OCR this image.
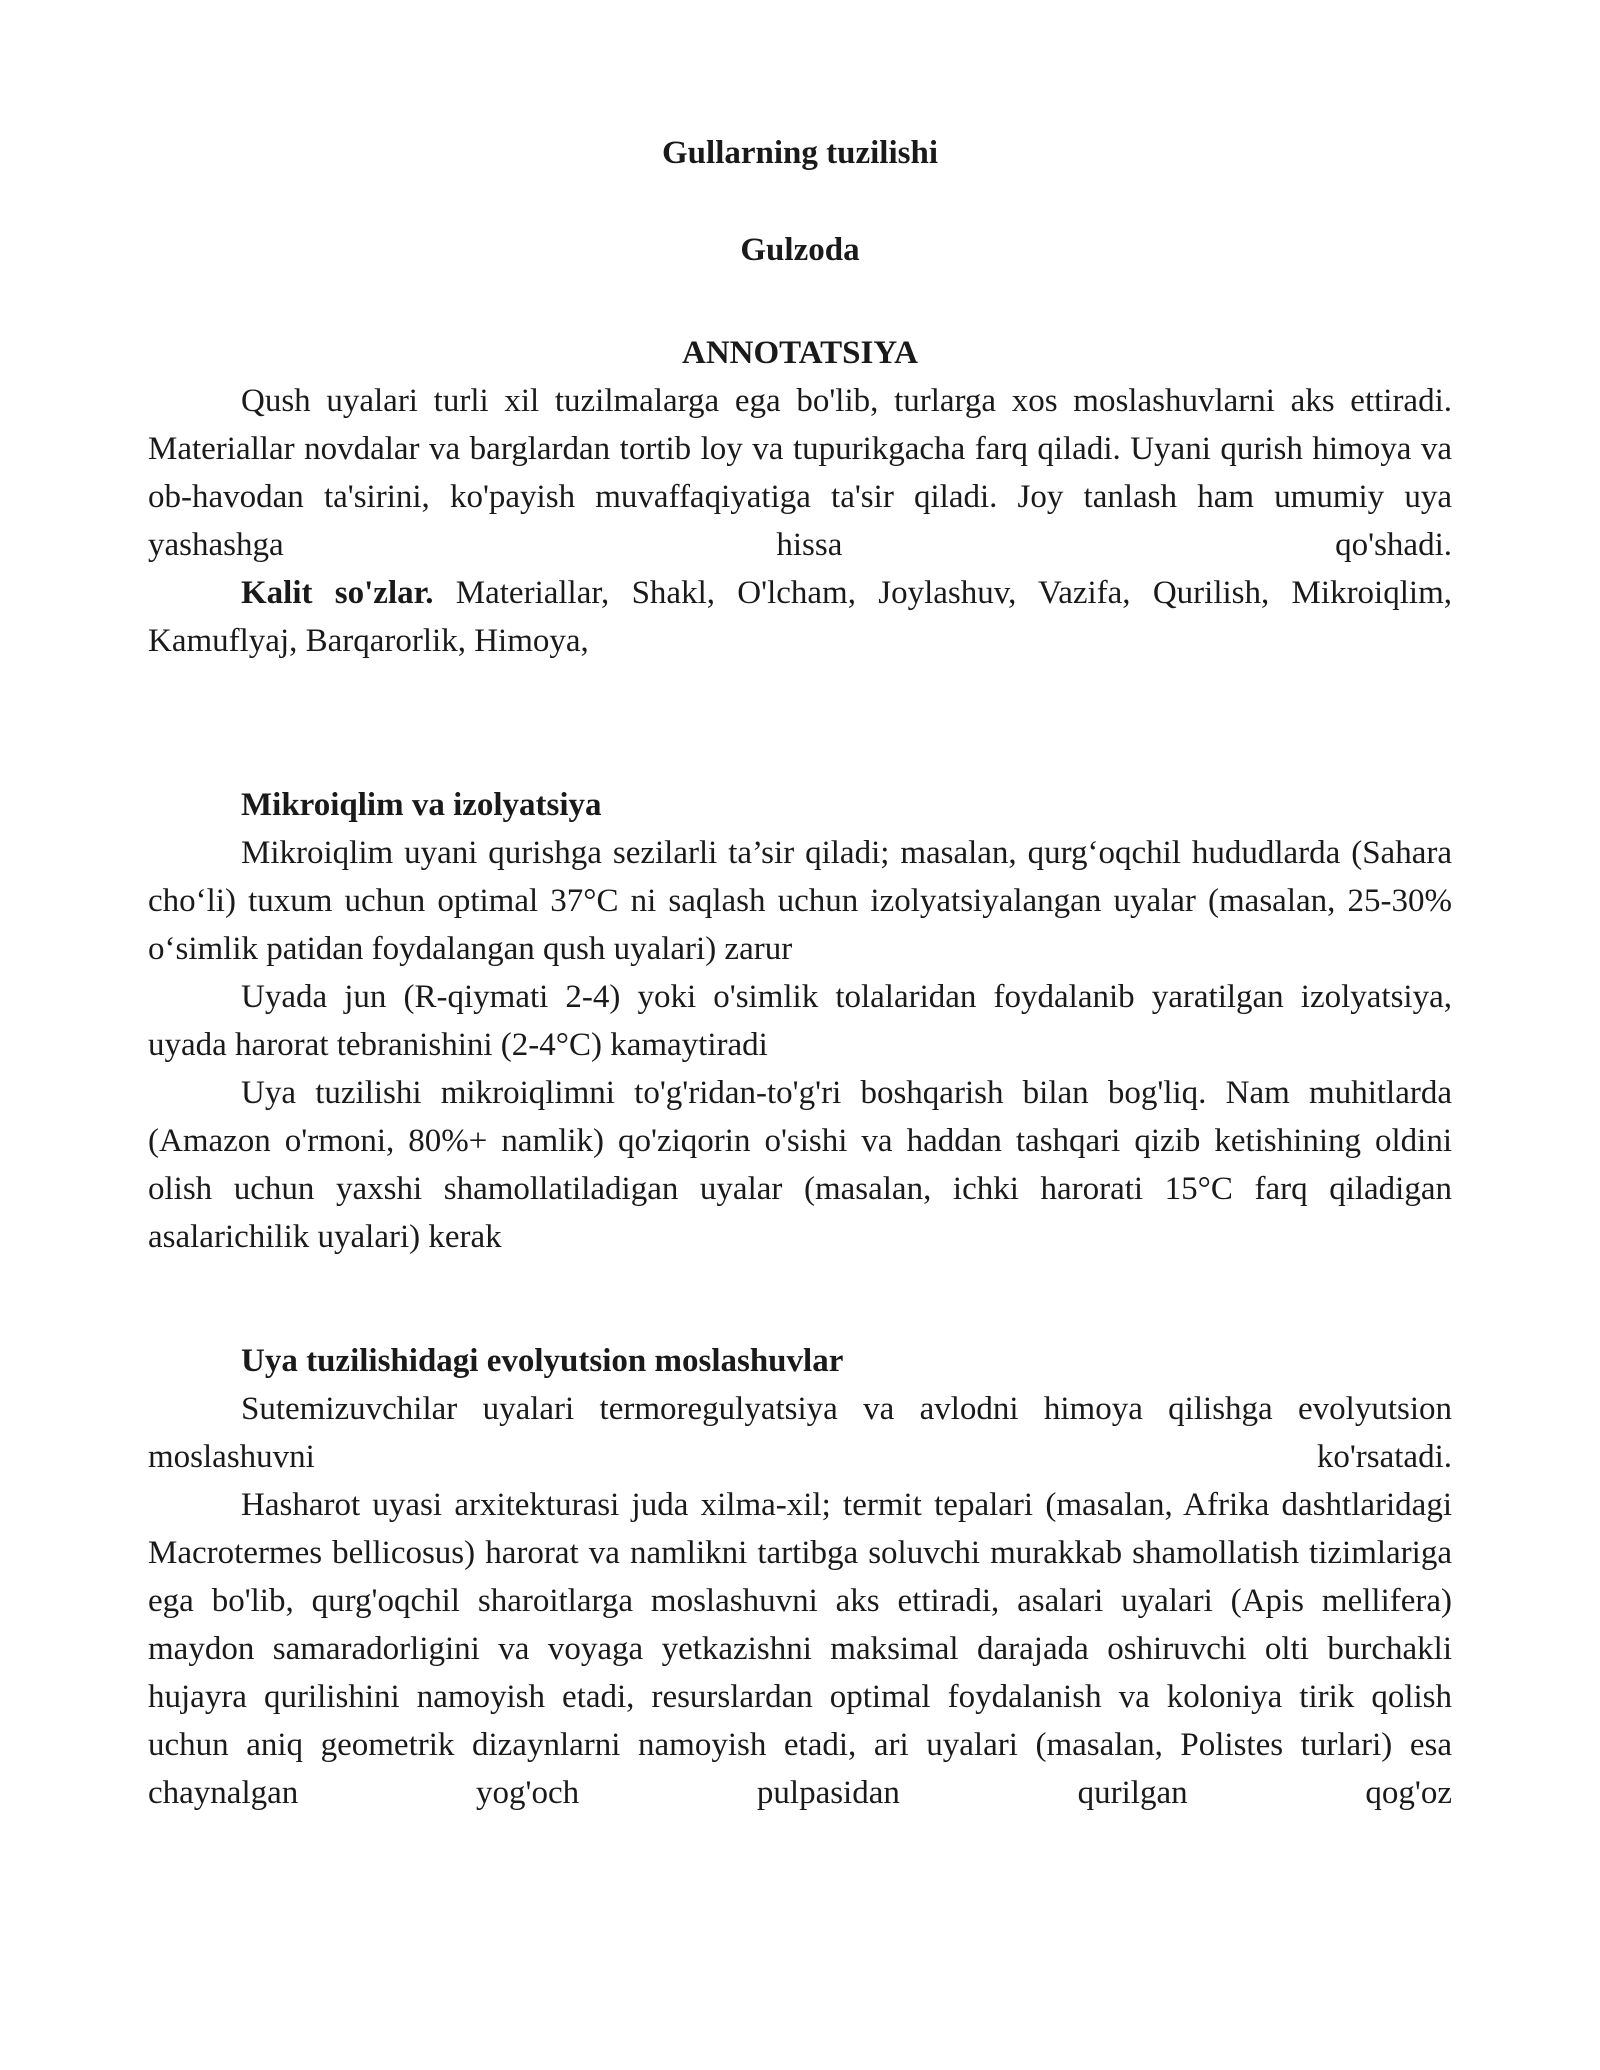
Gullarning tuzilishi

Gulzoda

ANNOTATSIYA

Qush uyalari turli xil tuzilmalarga ega bo'lib, turlarga xos moslashuvlarni aks ettiradi. Materiallar novdalar va barglardan tortib loy va tupurikgacha farq qiladi. Uyani qurish himoya va ob-havodan ta'sirini, ko'payish muvaffaqiyatiga ta'sir qiladi. Joy tanlash ham umumiy uya yashashga hissa qo'shadi.

Kalit so'zlar. Materiallar, Shakl, O'lcham, Joylashuv, Vazifa, Qurilish, Mikroiqlim, Kamuflyaj, Barqarorlik, Himoya,

Mikroiqlim va izolyatsiya

Mikroiqlim uyani qurishga sezilarli ta’sir qiladi; masalan, qurg‘oqchil hududlarda (Sahara cho‘li) tuxum uchun optimal 37°C ni saqlash uchun izolyatsiyalangan uyalar (masalan, 25-30% o‘simlik patidan foydalangan qush uyalari) zarur

Uyada jun (R-qiymati 2-4) yoki o'simlik tolalaridan foydalanib yaratilgan izolyatsiya, uyada harorat tebranishini (2-4°C) kamaytiradi

Uya tuzilishi mikroiqlimni to'g'ridan-to'g'ri boshqarish bilan bog'liq. Nam muhitlarda (Amazon o'rmoni, 80%+ namlik) qo'ziqorin o'sishi va haddan tashqari qizib ketishining oldini olish uchun yaxshi shamollatiladigan uyalar (masalan, ichki harorati 15°C farq qiladigan asalarichilik uyalari) kerak

Uya tuzilishidagi evolyutsion moslashuvlar

Sutemizuvchilar uyalari termoregulyatsiya va avlodni himoya qilishga evolyutsion moslashuvni ko'rsatadi.

Hasharot uyasi arxitekturasi juda xilma-xil; termit tepalari (masalan, Afrika dashtlaridagi Macrotermes bellicosus) harorat va namlikni tartibga soluvchi murakkab shamollatish tizimlariga ega bo'lib, qurg'oqchil sharoitlarga moslashuvni aks ettiradi, asalari uyalari (Apis mellifera) maydon samaradorligini va voyaga yetkazishni maksimal darajada oshiruvchi olti burchakli hujayra qurilishini namoyish etadi, resurslardan optimal foydalanish va koloniya tirik qolish uchun aniq geometrik dizaynlarni namoyish etadi, ari uyalari (masalan, Polistes turlari) esa chaynalgan yog'och pulpasidan qurilgan qog'oz
